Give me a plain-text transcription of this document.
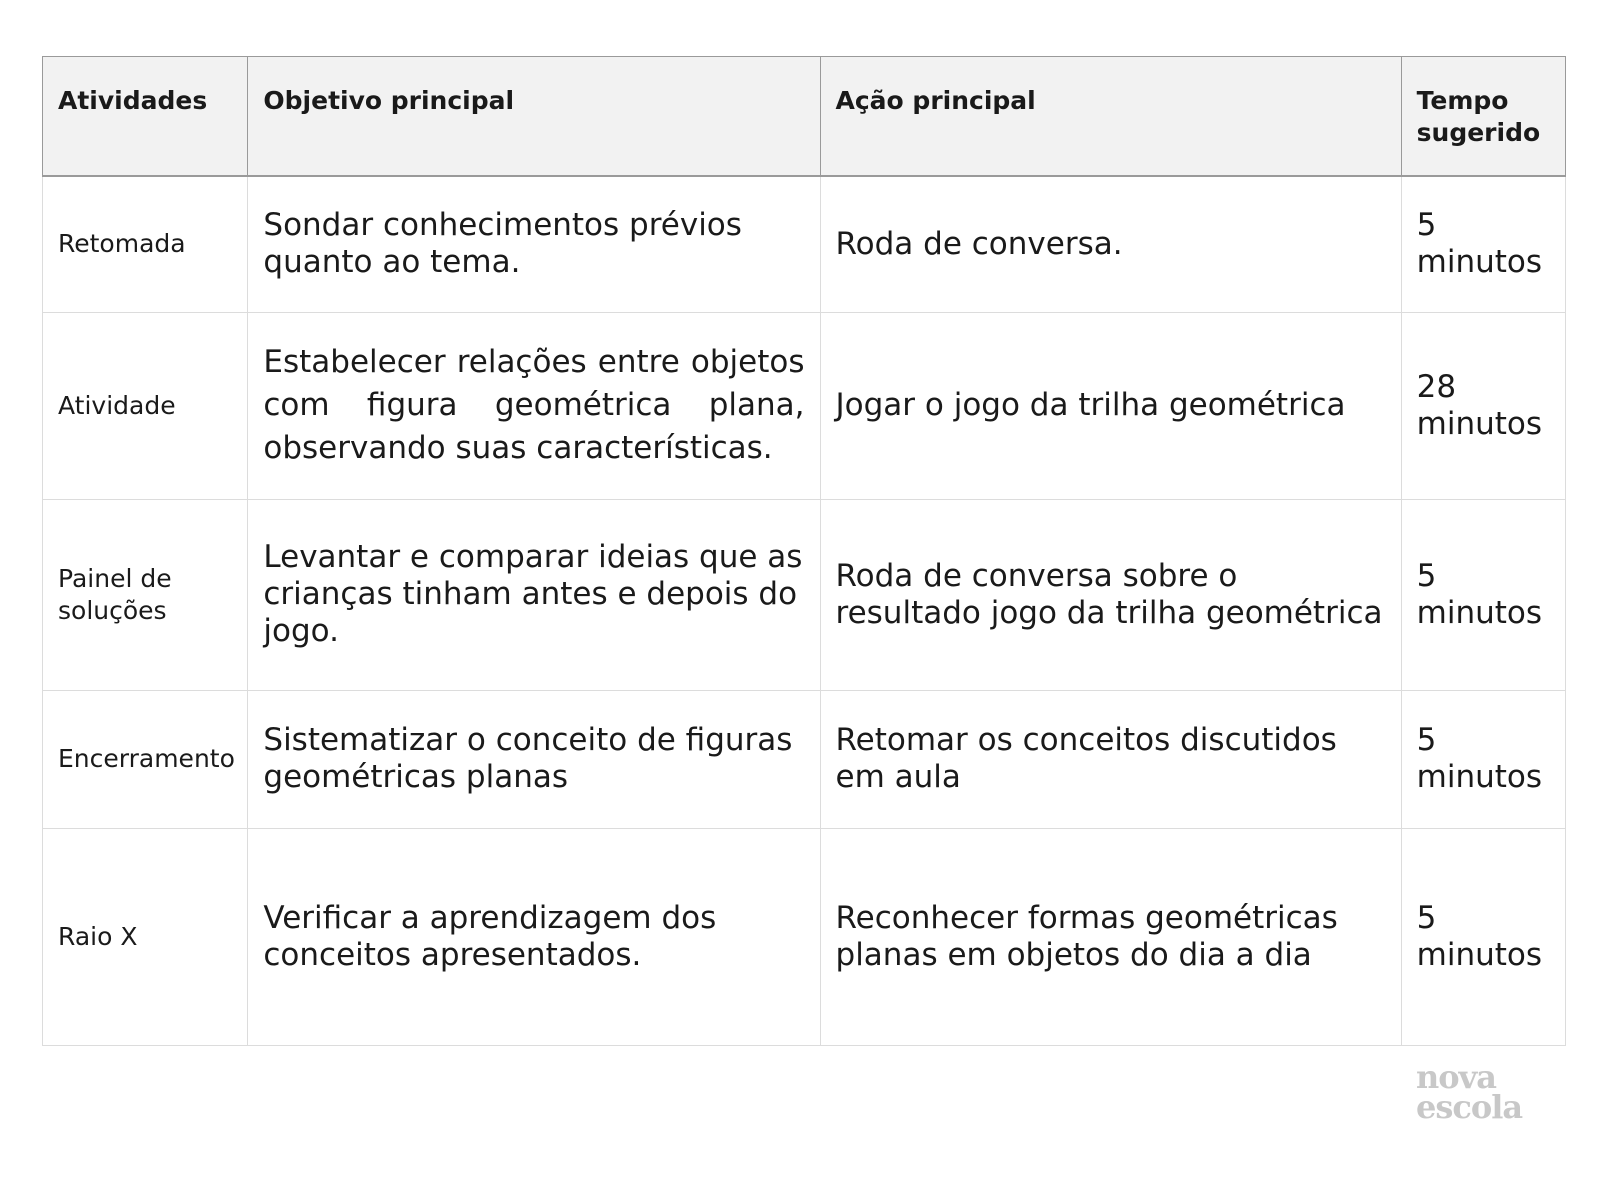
Atividades	Objetivo principal	Ação principal	Tempo sugerido
Retomada	Sondar conhecimentos prévios quanto ao tema.	Roda de conversa.	5 minutos
Atividade	Estabelecer relações entre objetos com figura geométrica plana, observando suas características.	Jogar o jogo da trilha geométrica	28 minutos
Painel de soluções	Levantar e comparar ideias que as crianças tinham antes e depois do jogo.	Roda de conversa sobre o resultado jogo da trilha geométrica	5 minutos
Encerramento	Sistematizar o conceito de figuras geométricas planas	Retomar os conceitos discutidos em aula	5 minutos
Raio X	Verificar a aprendizagem dos conceitos apresentados.	Reconhecer formas geométricas planas em objetos do dia a dia	5 minutos
nova
escola
